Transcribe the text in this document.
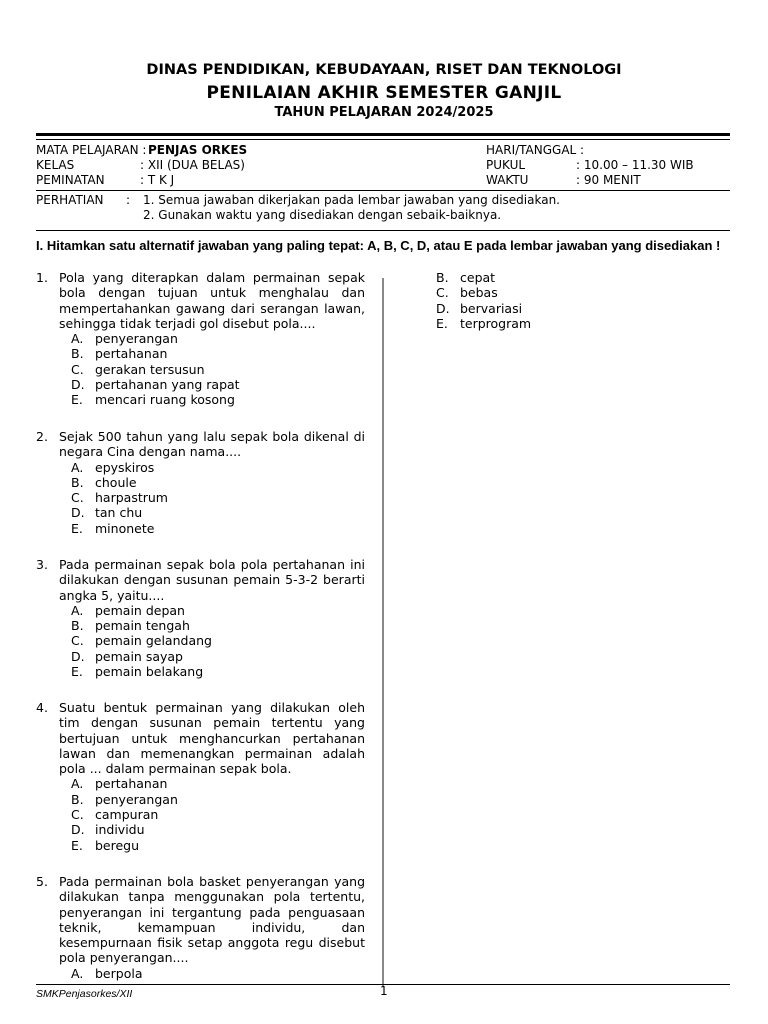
DINAS PENDIDIKAN, KEBUDAYAAN, RISET DAN TEKNOLOGI
PENILAIAN AKHIR SEMESTER GANJIL
TAHUN PELAJARAN 2024/2025
MATA PELAJARAN : PENJAS ORKES
KELAS	: XII (DUA BELAS)
PEMINATAN	: T K J
HARI/TANGGAL :
PUKUL	: 10.00 – 11.30 WIB
WAKTU	: 90 MENIT
PERHATIAN : 1. Semua jawaban dikerjakan pada lembar jawaban yang disediakan.
2. Gunakan waktu yang disediakan dengan sebaik-baiknya.
I. Hitamkan satu alternatif jawaban yang paling tepat: A, B, C, D, atau E pada lembar jawaban yang disediakan !
1. Pola yang diterapkan dalam permainan sepak bola dengan tujuan untuk menghalau dan mempertahankan gawang dari serangan lawan, sehingga tidak terjadi gol disebut pola....
A. penyerangan
B. pertahanan
C. gerakan tersusun
D. pertahanan yang rapat
E. mencari ruang kosong
2. Sejak 500 tahun yang lalu sepak bola dikenal di negara Cina dengan nama....
A. epyskiros
B. choule
C. harpastrum
D. tan chu
E. minonete
3. Pada permainan sepak bola pola pertahanan ini dilakukan dengan susunan pemain 5-3-2 berarti angka 5, yaitu....
A. pemain depan
B. pemain tengah
C. pemain gelandang
D. pemain sayap
E. pemain belakang
4. Suatu bentuk permainan yang dilakukan oleh tim dengan susunan pemain tertentu yang bertujuan untuk menghancurkan pertahanan lawan dan memenangkan permainan adalah pola ... dalam permainan sepak bola.
A. pertahanan
B. penyerangan
C. campuran
D. individu
E. beregu
5. Pada permainan bola basket penyerangan yang dilakukan tanpa menggunakan pola tertentu, penyerangan ini tergantung pada penguasaan teknik, kemampuan individu, dan kesempurnaan fisik setap anggota regu disebut pola penyerangan....
A. berpola
B. cepat
C. bebas
D. bervariasi
E. terprogram
SMKPenjasorkes/XII	1
